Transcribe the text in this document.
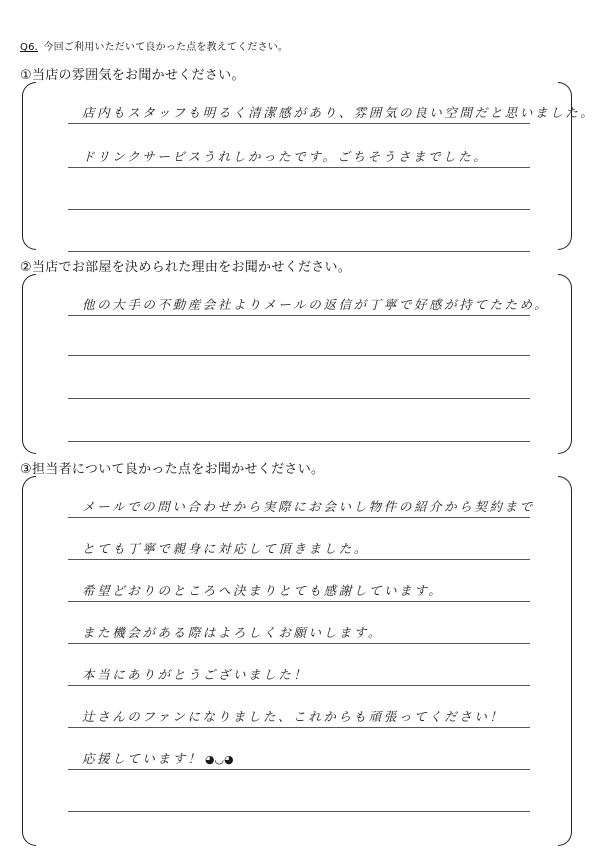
Q6. 今回ご利用いただいて良かった点を教えてください。
①当店の雰囲気をお聞かせください。
店内もスタッフも明るく清潔感があり、雰囲気の良い空間だと思いました。
ドリンクサービスうれしかったです。ごちそうさまでした。
②当店でお部屋を決められた理由をお聞かせください。
他の大手の不動産会社よりメールの返信が丁寧で好感が持てたため。
③担当者について良かった点をお聞かせください。
メールでの問い合わせから実際にお会いし物件の紹介から契約まで
とても丁寧で親身に対応して頂きました。
希望どおりのところへ決まりとても感謝しています。
また機会がある際はよろしくお願いします。
本当にありがとうございました！
辻さんのファンになりました、これからも頑張ってください！
応援しています！ ◕◡◕
